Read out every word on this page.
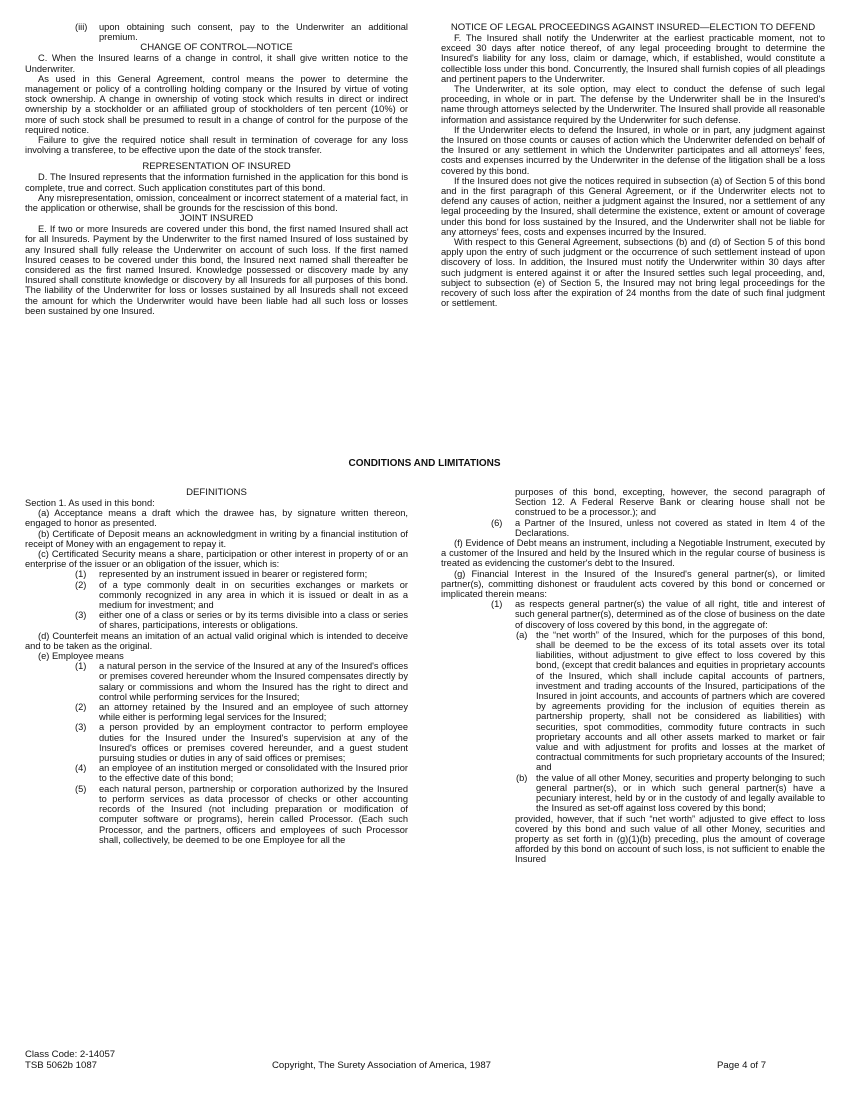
(iii)	upon obtaining such consent, pay to the Underwriter an additional premium.

CHANGE OF CONTROL—NOTICE

C. When the Insured learns of a change in control, it shall give written notice to the Underwriter.

As used in this General Agreement, control means the power to determine the management or policy of a controlling holding company or the Insured by virtue of voting stock ownership. A change in ownership of voting stock which results in direct or indirect ownership by a stockholder or an affiliated group of stockholders of ten percent (10%) or more of such stock shall be presumed to result in a change of control for the purpose of the required notice.

Failure to give the required notice shall result in termination of coverage for any loss involving a transferee, to be effective upon the date of the stock transfer.

REPRESENTATION OF INSURED

D. The Insured represents that the information furnished in the application for this bond is complete, true and correct. Such application constitutes part of this bond.

Any misrepresentation, omission, concealment or incorrect statement of a material fact, in the application or otherwise, shall be grounds for the rescission of this bond.

JOINT INSURED

E. If two or more Insureds are covered under this bond, the first named Insured shall act for all Insureds. Payment by the Underwriter to the first named Insured of loss sustained by any Insured shall fully release the Underwriter on account of such loss. If the first named Insured ceases to be covered under this bond, the Insured next named shall thereafter be considered as the first named Insured. Knowledge possessed or discovery made by any Insured shall constitute knowledge or discovery by all Insureds for all purposes of this bond. The liability of the Underwriter for loss or losses sustained by all Insureds shall not exceed the amount for which the Underwriter would have been liable had all such loss or losses been sustained by one Insured.

NOTICE OF LEGAL PROCEEDINGS AGAINST INSURED—ELECTION TO DEFEND

F. The Insured shall notify the Underwriter at the earliest practicable moment, not to exceed 30 days after notice thereof, of any legal proceeding brought to determine the Insured's liability for any loss, claim or damage, which, if established, would constitute a collectible loss under this bond. Concurrently, the Insured shall furnish copies of all pleadings and pertinent papers to the Underwriter.

The Underwriter, at its sole option, may elect to conduct the defense of such legal proceeding, in whole or in part. The defense by the Underwriter shall be in the Insured's name through attorneys selected by the Underwriter. The Insured shall provide all reasonable information and assistance required by the Underwriter for such defense.

If the Underwriter elects to defend the Insured, in whole or in part, any judgment against the Insured on those counts or causes of action which the Underwriter defended on behalf of the Insured or any settlement in which the Underwriter participates and all attorneys' fees, costs and expenses incurred by the Underwriter in the defense of the litigation shall be a loss covered by this bond.

If the Insured does not give the notices required in subsection (a) of Section 5 of this bond and in the first paragraph of this General Agreement, or if the Underwriter elects not to defend any causes of action, neither a judgment against the Insured, nor a settlement of any legal proceeding by the Insured, shall determine the existence, extent or amount of coverage under this bond for loss sustained by the Insured, and the Underwriter shall not be liable for any attorneys' fees, costs and expenses incurred by the Insured.

With respect to this General Agreement, subsections (b) and (d) of Section 5 of this bond apply upon the entry of such judgment or the occurrence of such settlement instead of upon discovery of loss. In addition, the Insured must notify the Underwriter within 30 days after such judgment is entered against it or after the Insured settles such legal proceeding, and, subject to subsection (e) of Section 5, the Insured may not bring legal proceedings for the recovery of such loss after the expiration of 24 months from the date of such final judgment or settlement.

CONDITIONS AND LIMITATIONS

DEFINITIONS

Section 1. As used in this bond:

(a) Acceptance means a draft which the drawee has, by signature written thereon, engaged to honor as presented.

(b) Certificate of Deposit means an acknowledgment in writing by a financial institution of receipt of Money with an engagement to repay it.

(c) Certificated Security means a share, participation or other interest in property of or an enterprise of the issuer or an obligation of the issuer, which is:

(1)	represented by an instrument issued in bearer or registered form;
(2)	of a type commonly dealt in on securities exchanges or markets or commonly recognized in any area in which it is issued or dealt in as a medium for investment; and
(3)	either one of a class or series or by its terms divisible into a class or series of shares, participations, interests or obligations.

(d) Counterfeit means an imitation of an actual valid original which is intended to deceive and to be taken as the original.

(e) Employee means

(1)	a natural person in the service of the Insured at any of the Insured's offices or premises covered hereunder whom the Insured compensates directly by salary or commissions and whom the Insured has the right to direct and control while performing services for the Insured;
(2)	an attorney retained by the Insured and an employee of such attorney while either is performing legal services for the Insured;
(3)	a person provided by an employment contractor to perform employee duties for the Insured under the Insured's supervision at any of the Insured's offices or premises covered hereunder, and a guest student pursuing studies or duties in any of said offices or premises;
(4)	an employee of an institution merged or consolidated with the Insured prior to the effective date of this bond;
(5)	each natural person, partnership or corporation authorized by the Insured to perform services as data processor of checks or other accounting records of the Insured (not including preparation or modification of computer software or programs), herein called Processor. (Each such Processor, and the partners, officers and employees of such Processor shall, collectively, be deemed to be one Employee for all the

purposes of this bond, excepting, however, the second paragraph of Section 12. A Federal Reserve Bank or clearing house shall not be construed to be a processor.); and

(6)	a Partner of the Insured, unless not covered as stated in Item 4 of the Declarations.

(f) Evidence of Debt means an instrument, including a Negotiable Instrument, executed by a customer of the Insured and held by the Insured which in the regular course of business is treated as evidencing the customer's debt to the Insured.

(g) Financial Interest in the Insured of the Insured's general partner(s), or limited partner(s), committing dishonest or fraudulent acts covered by this bond or concerned or implicated therein means:

(1)	as respects general partner(s) the value of all right, title and interest of such general partner(s), determined as of the close of business on the date of discovery of loss covered by this bond, in the aggregate of:
(a) the “net worth” of the Insured, which for the purposes of this bond, shall be deemed to be the excess of its total assets over its total liabilities, without adjustment to give effect to loss covered by this bond, (except that credit balances and equities in proprietary accounts of the Insured, which shall include capital accounts of partners, investment and trading accounts of the Insured, participations of the Insured in joint accounts, and accounts of partners which are covered by agreements providing for the inclusion of equities therein as partnership property, shall not be considered as liabilities) with securities, spot commodities, commodity future contracts in such proprietary accounts and all other assets marked to market or fair value and with adjustment for profits and losses at the market of contractual commitments for such proprietary accounts of the Insured; and
(b) the value of all other Money, securities and property belonging to such general partner(s), or in which such general partner(s) have a pecuniary interest, held by or in the custody of and legally available to the Insured as set-off against loss covered by this bond;

provided, however, that if such “net worth” adjusted to give effect to loss covered by this bond and such value of all other Money, securities and property as set forth in (g)(1)(b) preceding, plus the amount of coverage afforded by this bond on account of such loss, is not sufficient to enable the Insured

Class Code: 2-14057
TSB 5062b 1087	Copyright, The Surety Association of America, 1987	Page 4 of 7
